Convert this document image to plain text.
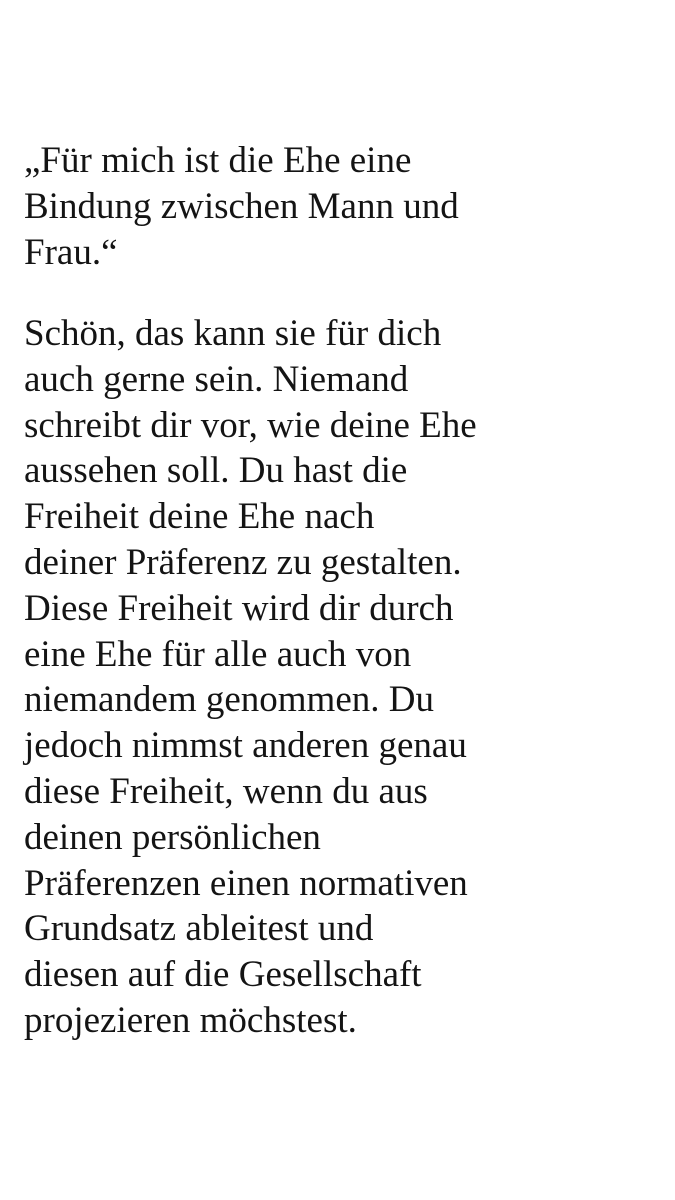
„Für mich ist die Ehe eine
Bindung zwischen Mann und
Frau.“
Schön, das kann sie für dich
auch gerne sein. Niemand
schreibt dir vor, wie deine Ehe
aussehen soll. Du hast die
Freiheit deine Ehe nach
deiner Präferenz zu gestalten.
Diese Freiheit wird dir durch
eine Ehe für alle auch von
niemandem genommen. Du
jedoch nimmst anderen genau
diese Freiheit, wenn du aus
deinen persönlichen
Präferenzen einen normativen
Grundsatz ableitest und
diesen auf die Gesellschaft
projezieren möchstest.
